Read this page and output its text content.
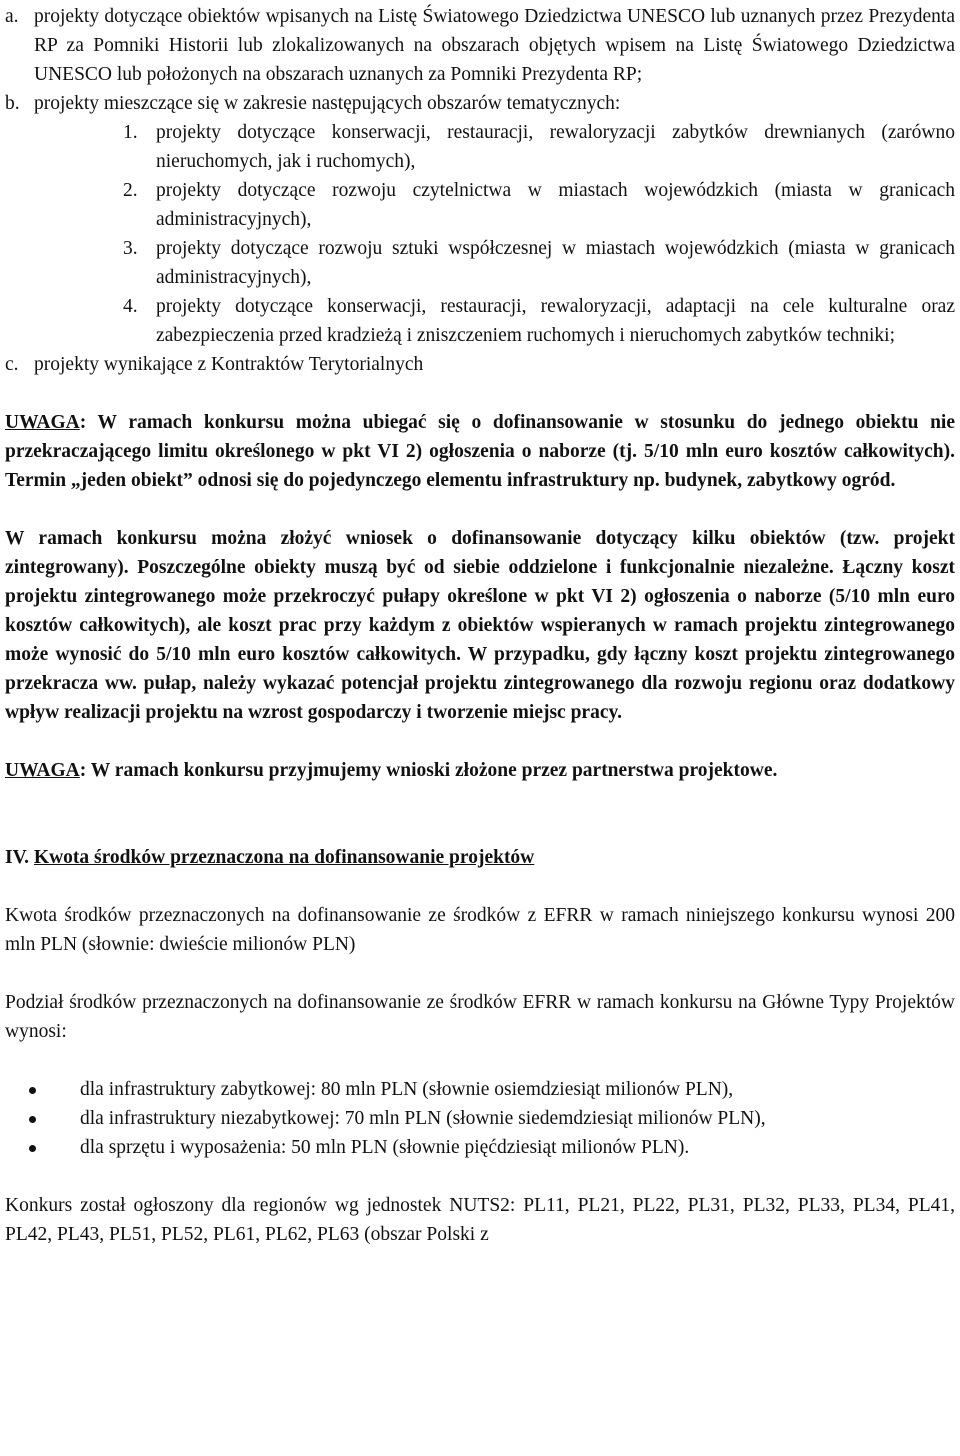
a. projekty dotyczące obiektów wpisanych na Listę Światowego Dziedzictwa UNESCO lub uznanych przez Prezydenta RP za Pomniki Historii lub zlokalizowanych na obszarach objętych wpisem na Listę Światowego Dziedzictwa UNESCO lub położonych na obszarach uznanych za Pomniki Prezydenta RP;
b. projekty mieszczące się w zakresie następujących obszarów tematycznych:
1. projekty dotyczące konserwacji, restauracji, rewaloryzacji zabytków drewnianych (zarówno nieruchomych, jak i ruchomych),
2. projekty dotyczące rozwoju czytelnictwa w miastach wojewódzkich (miasta w granicach administracyjnych),
3. projekty dotyczące rozwoju sztuki współczesnej w miastach wojewódzkich (miasta w granicach administracyjnych),
4. projekty dotyczące konserwacji, restauracji, rewaloryzacji, adaptacji na cele kulturalne oraz zabezpieczenia przed kradzieżą i zniszczeniem ruchomych i nieruchomych zabytków techniki;
c. projekty wynikające z Kontraktów Terytorialnych

UWAGA: W ramach konkursu można ubiegać się o dofinansowanie w stosunku do jednego obiektu nie przekraczającego limitu określonego w pkt VI 2) ogłoszenia o naborze (tj. 5/10 mln euro kosztów całkowitych). Termin „jeden obiekt” odnosi się do pojedynczego elementu infrastruktury np. budynek, zabytkowy ogród.

W ramach konkursu można złożyć wniosek o dofinansowanie dotyczący kilku obiektów (tzw. projekt zintegrowany). Poszczególne obiekty muszą być od siebie oddzielone i funkcjonalnie niezależne. Łączny koszt projektu zintegrowanego może przekroczyć pułapy określone w pkt VI 2) ogłoszenia o naborze (5/10 mln euro kosztów całkowitych), ale koszt prac przy każdym z obiektów wspieranych w ramach projektu zintegrowanego może wynosić do 5/10 mln euro kosztów całkowitych. W przypadku, gdy łączny koszt projektu zintegrowanego przekracza ww. pułap, należy wykazać potencjał projektu zintegrowanego dla rozwoju regionu oraz dodatkowy wpływ realizacji projektu na wzrost gospodarczy i tworzenie miejsc pracy.

UWAGA: W ramach konkursu przyjmujemy wnioski złożone przez partnerstwa projektowe.

IV. Kwota środków przeznaczona na dofinansowanie projektów

Kwota środków przeznaczonych na dofinansowanie ze środków z EFRR w ramach niniejszego konkursu wynosi 200 mln PLN (słownie: dwieście milionów PLN)

Podział środków przeznaczonych na dofinansowanie ze środków EFRR w ramach konkursu na Główne Typy Projektów wynosi:

dla infrastruktury zabytkowej: 80 mln PLN (słownie osiemdziesiąt milionów PLN),
dla infrastruktury niezabytkowej: 70 mln PLN (słownie siedemdziesiąt milionów PLN),
dla sprzętu i wyposażenia: 50 mln PLN (słownie pięćdziesiąt milionów PLN).

Konkurs został ogłoszony dla regionów wg jednostek NUTS2: PL11, PL21, PL22, PL31, PL32, PL33, PL34, PL41, PL42, PL43, PL51, PL52, PL61, PL62, PL63 (obszar Polski z
